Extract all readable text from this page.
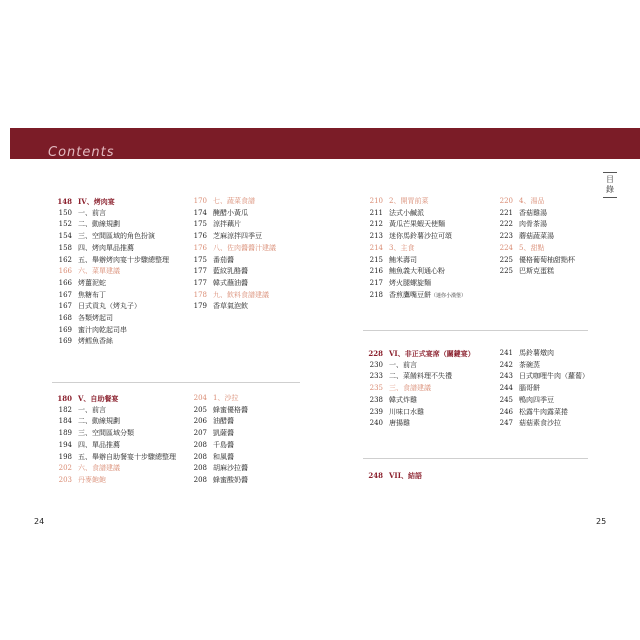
Contents
目錄
148 IV、烤肉宴
150 一、前言
152 二、動線規劃
154 三、空間區域的角色扮演
158 四、烤肉單品推薦
162 五、舉辦烤肉宴十步驟總整理
166 六、菜單建議
166 烤薑泥蛇
167 焦糖布丁
167 日式貢丸（烤丸子）
168 各類烤起司
169 蜜汁肉乾起司串
169 烤鱈魚香絲
170 七、蔬菜食譜
174 醃醋小黃瓜
175 涼拌藕片
176 芝麻涼拌四季豆
176 八、佐肉醬醬汁建議
175 番茄醬
177 藍紋乳酪醬
177 韓式蘸油醬
178 九、飲料食譜建議
179 香草氣泡飲
180 V、自助餐宴
182 一、前言
184 二、動線規劃
189 三、空間區域分類
194 四、單品推薦
198 五、舉辦自助餐宴十步驟總整理
202 六、食譜建議
203 丹麥飽飽
204 1、沙拉
205 蜂蜜優格醬
206 油醋醬
207 凱薩醬
208 千島醬
208 和風醬
208 胡麻沙拉醬
208 蜂蜜酸奶醬
210 2、開胃前菜
211 法式小鹹派
212 黃瓜芒果蝦天使麵
213 迷你馬鈴薯沙拉可頌
214 3、主食
215 鮪米壽司
216 鮪魚義大利通心粉
217 烤火腿螺旋麵
218 香煎鷹嘴豆餅（迷你小漢堡）
220 4、湯品
221 香菇雞湯
222 肉骨茶湯
223 蘑菇蔬菜湯
224 5、甜點
225 優格葡萄柚甜點杯
225 巴斯克蛋糕
228 VI、非正式宴席（關鍵宴）
230 一、前言
233 二、菜餚料理不失禮
235 三、食譜建議
238 韓式炸雞
239 川味口水雞
240 唐揚雞
241 馬鈴薯燉肉
242 茶碗蒸
243 日式咖哩牛肉（蘿蔔）
244 腦哥餅
245 鴨肉四季豆
246 松露牛肉露菜捲
247 菇菇素食沙拉
248 VII、結語
24	25
